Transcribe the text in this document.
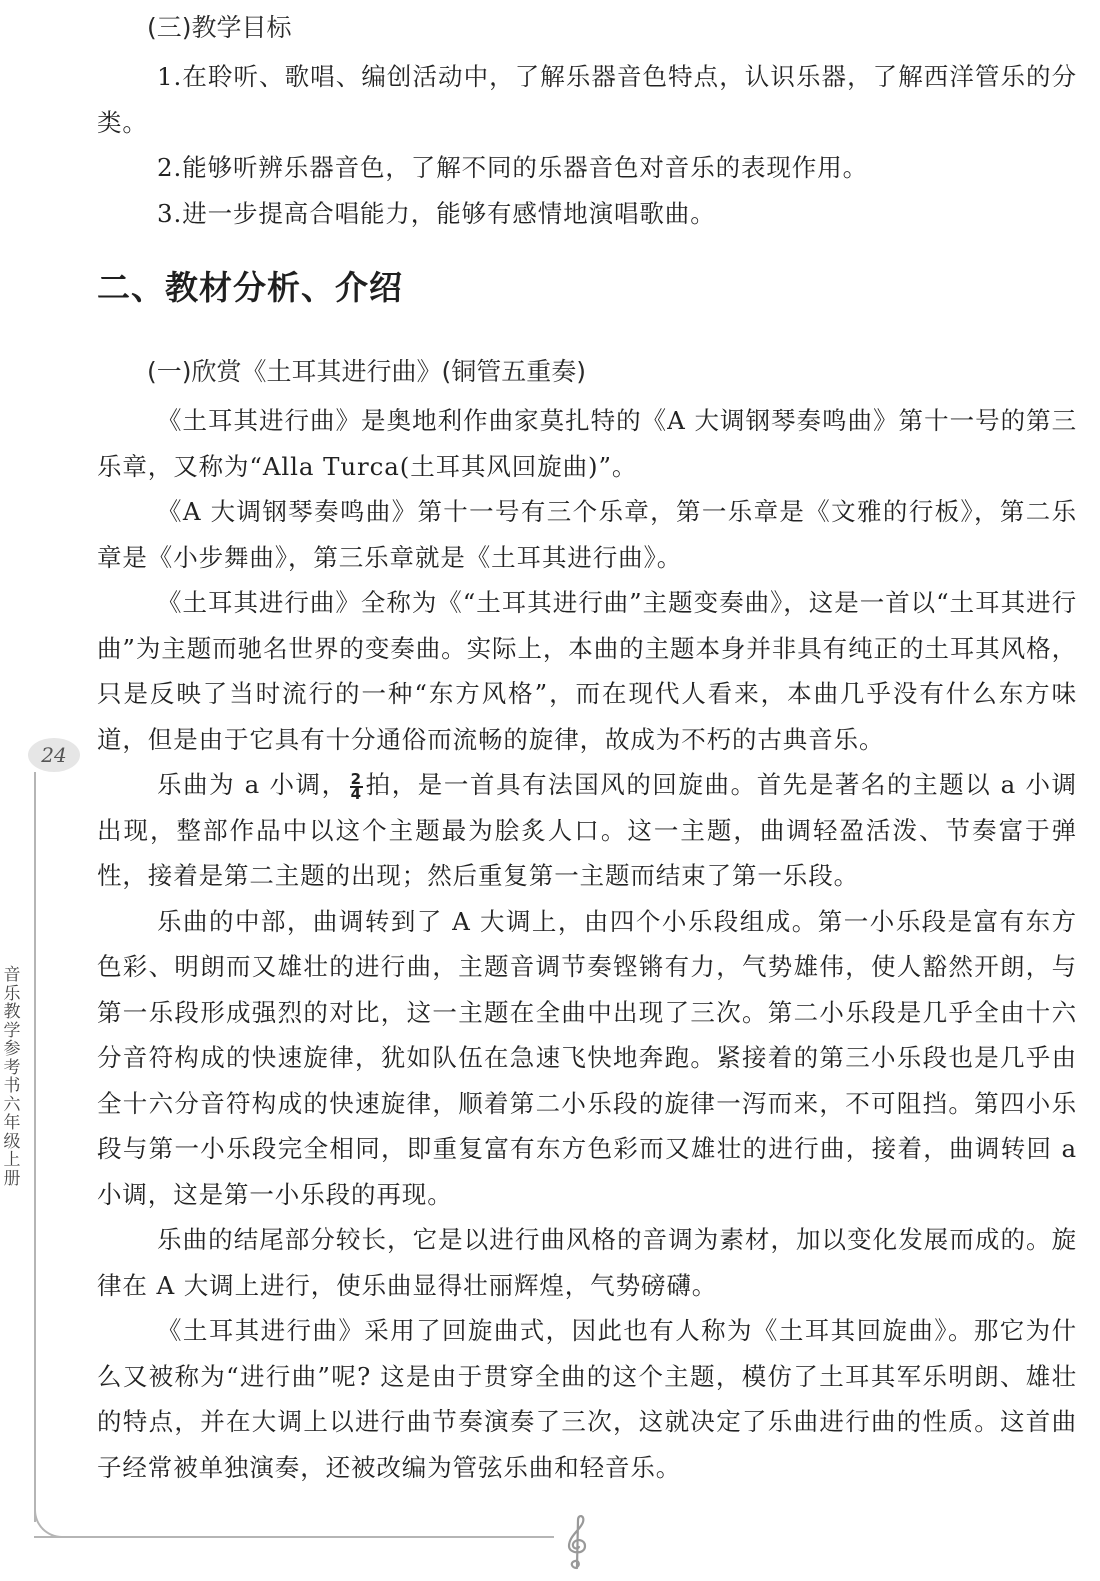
(三)教学目标

1.在聆听、歌唱、编创活动中，了解乐器音色特点，认识乐器，了解西洋管乐的分类。

2.能够听辨乐器音色，了解不同的乐器音色对音乐的表现作用。

3.进一步提高合唱能力，能够有感情地演唱歌曲。

二、教材分析、介绍

(一)欣赏《土耳其进行曲》(铜管五重奏)

《土耳其进行曲》是奥地利作曲家莫扎特的《A 大调钢琴奏鸣曲》第十一号的第三乐章，又称为“Alla Turca(土耳其风回旋曲)”。

《A 大调钢琴奏鸣曲》第十一号有三个乐章，第一乐章是《文雅的行板》，第二乐章是《小步舞曲》，第三乐章就是《土耳其进行曲》。

《土耳其进行曲》全称为《“土耳其进行曲”主题变奏曲》，这是一首以“土耳其进行曲”为主题而驰名世界的变奏曲。实际上，本曲的主题本身并非具有纯正的土耳其风格，只是反映了当时流行的一种“东方风格”，而在现代人看来，本曲几乎没有什么东方味道，但是由于它具有十分通俗而流畅的旋律，故成为不朽的古典音乐。

乐曲为 a 小调， $\frac{2}{4}$ 拍，是一首具有法国风的回旋曲。首先是著名的主题以 a 小调出现，整部作品中以这个主题最为脍炙人口。这一主题，曲调轻盈活泼、节奏富于弹性，接着是第二主题的出现；然后重复第一主题而结束了第一乐段。

乐曲的中部，曲调转到了 A 大调上，由四个小乐段组成。第一小乐段是富有东方色彩、明朗而又雄壮的进行曲，主题音调节奏铿锵有力，气势雄伟，使人豁然开朗，与第一乐段形成强烈的对比，这一主题在全曲中出现了三次。第二小乐段是几乎全由十六分音符构成的快速旋律，犹如队伍在急速飞快地奔跑。紧接着的第三小乐段也是几乎由全十六分音符构成的快速旋律，顺着第二小乐段的旋律一泻而来，不可阻挡。第四小乐段与第一小乐段完全相同，即重复富有东方色彩而又雄壮的进行曲，接着，曲调转回 a 小调，这是第一小乐段的再现。

乐曲的结尾部分较长，它是以进行曲风格的音调为素材，加以变化发展而成的。旋律在 A 大调上进行，使乐曲显得壮丽辉煌，气势磅礴。

《土耳其进行曲》采用了回旋曲式，因此也有人称为《土耳其回旋曲》。那它为什么又被称为“进行曲”呢? 这是由于贯穿全曲的这个主题，模仿了土耳其军乐明朗、雄壮的特点，并在大调上以进行曲节奏演奏了三次，这就决定了乐曲进行曲的性质。这首曲子经常被单独演奏，还被改编为管弦乐曲和轻音乐。

24
音乐教学参考书六年级上册
